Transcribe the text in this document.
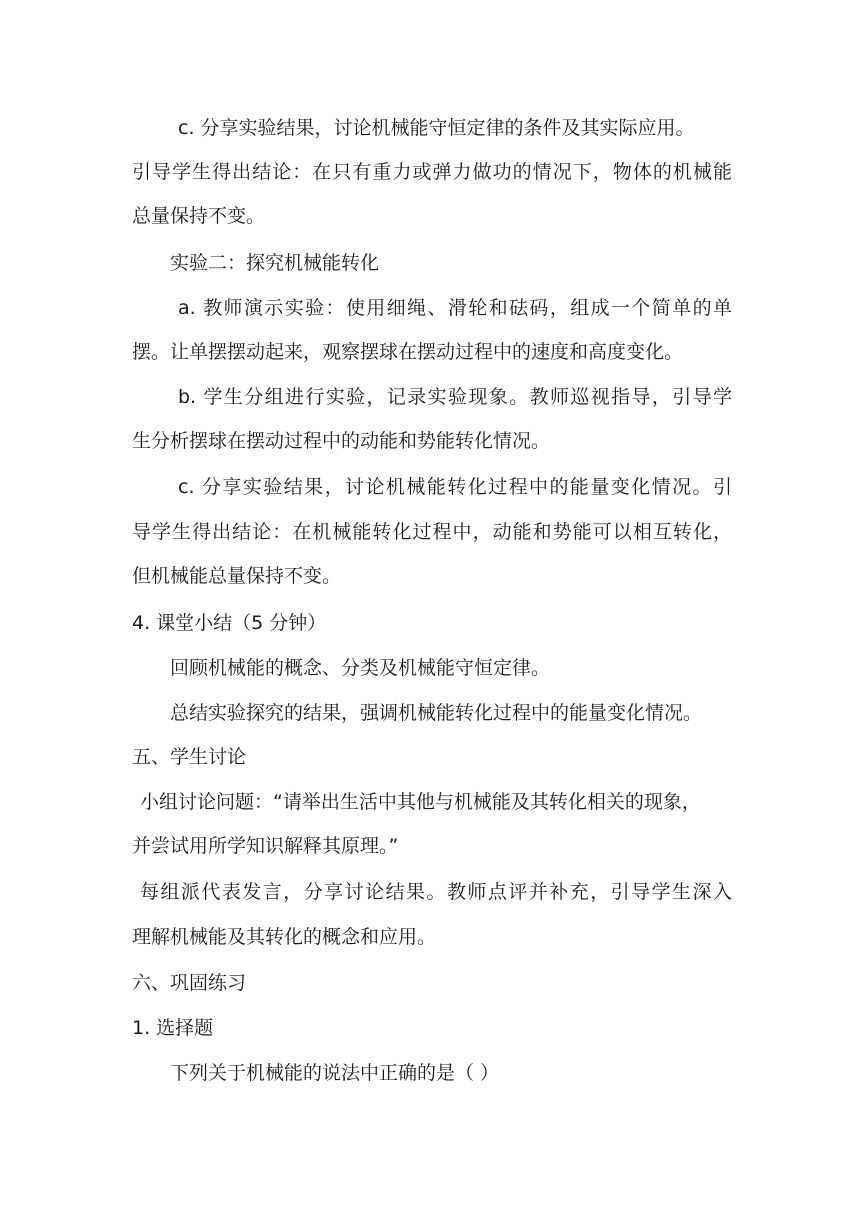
c. 分享实验结果，讨论机械能守恒定律的条件及其实际应用。
引导学生得出结论：在只有重力或弹力做功的情况下，物体的机械能
总量保持不变。
实验二：探究机械能转化
a. 教师演示实验：使用细绳、滑轮和砝码，组成一个简单的单
摆。让单摆摆动起来，观察摆球在摆动过程中的速度和高度变化。
b. 学生分组进行实验，记录实验现象。教师巡视指导，引导学
生分析摆球在摆动过程中的动能和势能转化情况。
c. 分享实验结果，讨论机械能转化过程中的能量变化情况。引
导学生得出结论：在机械能转化过程中，动能和势能可以相互转化，
但机械能总量保持不变。
4. 课堂小结（5 分钟）
回顾机械能的概念、分类及机械能守恒定律。
总结实验探究的结果，强调机械能转化过程中的能量变化情况。
五、学生讨论
小组讨论问题：“请举出生活中其他与机械能及其转化相关的现象，
并尝试用所学知识解释其原理。”
每组派代表发言，分享讨论结果。教师点评并补充，引导学生深入
理解机械能及其转化的概念和应用。
六、巩固练习
1. 选择题
下列关于机械能的说法中正确的是（ ）
